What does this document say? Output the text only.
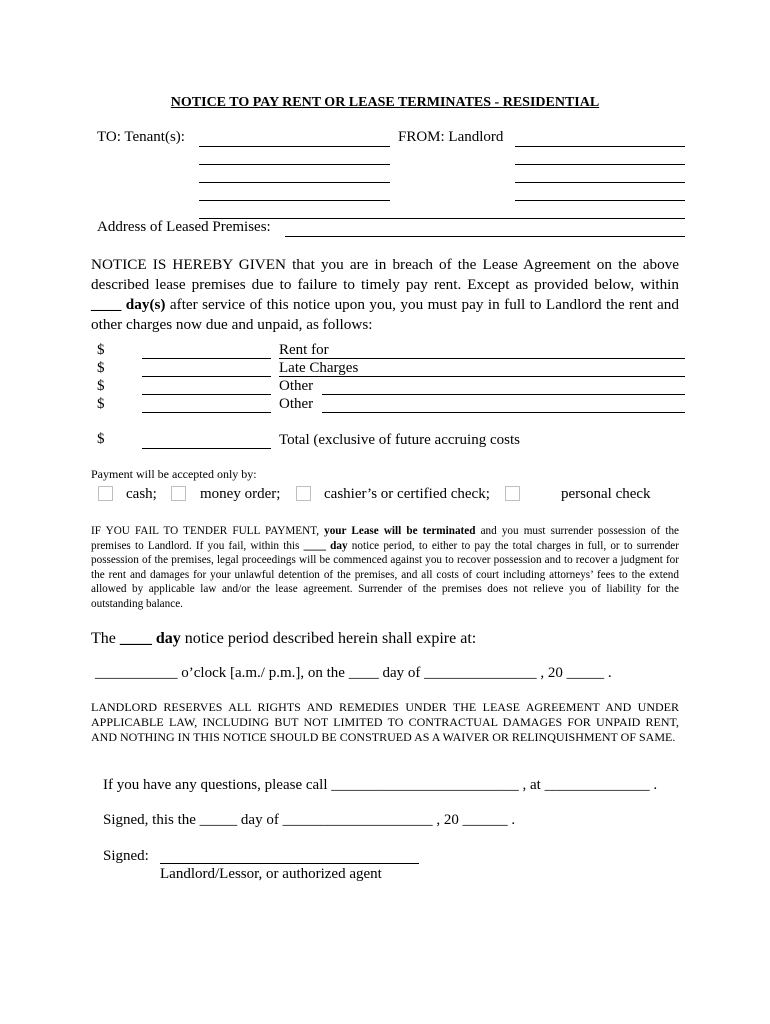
NOTICE TO PAY RENT OR LEASE TERMINATES - RESIDENTIAL
TO: Tenant(s):	FROM: Landlord
Address of Leased Premises:
NOTICE IS HEREBY GIVEN that you are in breach of the Lease Agreement on the above described lease premises due to failure to timely pay rent. Except as provided below, within ____ day(s) after service of this notice upon you, you must pay in full to Landlord the rent and other charges now due and unpaid, as follows:
$	Rent for
$	Late Charges
$	Other
$	Other
$	Total (exclusive of future accruing costs
Payment will be accepted only by:
cash;	money order;	cashier’s or certified check;	personal check
IF YOU FAIL TO TENDER FULL PAYMENT, your Lease will be terminated and you must surrender possession of the premises to Landlord. If you fail, within this ____ day notice period, to either to pay the total charges in full, or to surrender possession of the premises, legal proceedings will be commenced against you to recover possession and to recover a judgment for the rent and damages for your unlawful detention of the premises, and all costs of court including attorneys’ fees to the extend allowed by applicable law and/or the lease agreement. Surrender of the premises does not relieve you of liability for the outstanding balance.
The ____ day notice period described herein shall expire at:
___________ o’clock [a.m./ p.m.], on the ____ day of _______________ , 20 _____ .
LANDLORD RESERVES ALL RIGHTS AND REMEDIES UNDER THE LEASE AGREEMENT AND UNDER APPLICABLE LAW, INCLUDING BUT NOT LIMITED TO CONTRACTUAL DAMAGES FOR UNPAID RENT, AND NOTHING IN THIS NOTICE SHOULD BE CONSTRUED AS A WAIVER OR RELINQUISHMENT OF SAME.
If you have any questions, please call _________________________ , at ______________ .
Signed, this the _____ day of ____________________ , 20 ______ .
Signed:
Landlord/Lessor, or authorized agent
